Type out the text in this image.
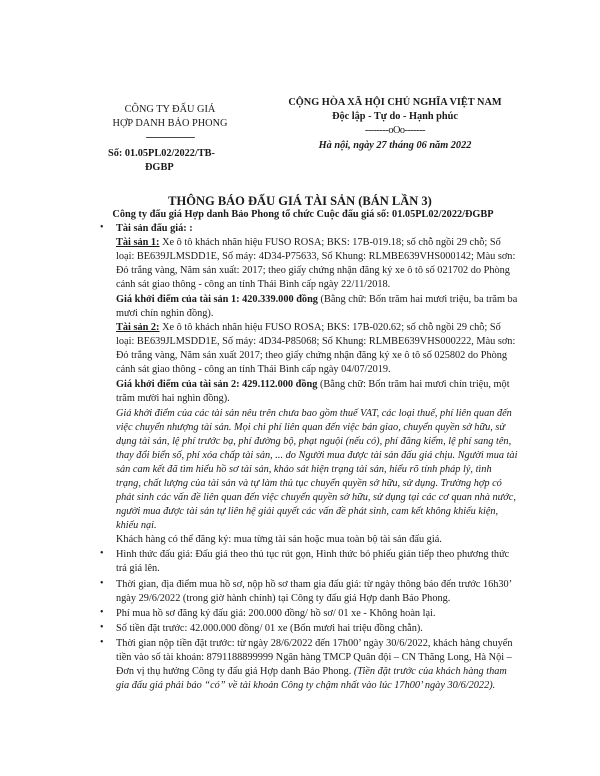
CÔNG TY ĐẤU GIÁ
HỢP DANH BẢO PHONG
--------------------
Số: 01.05PL02/2022/TB-
ĐGBP
CỘNG HÒA XÃ HỘI CHỦ NGHĨA VIỆT NAM
Độc lập - Tự do - Hạnh phúc
--------oOo-------
Hà nội, ngày 27 tháng 06 năm 2022
THÔNG BÁO ĐẤU GIÁ TÀI SẢN (BÁN LẦN 3)
Công ty đấu giá Hợp danh Bảo Phong tổ chức Cuộc đấu giá số: 01.05PL02/2022/ĐGBP
• Tài sản đấu giá: :
Tài sản 1: Xe ô tô khách nhãn hiệu FUSO ROSA; BKS: 17B-019.18; số chỗ ngồi 29 chỗ; Số
loại: BE639JLMSDD1E, Số máy: 4D34-P75633, Số Khung: RLMBE639VHS000142; Màu sơn:
Đỏ trắng vàng, Năm sản xuất: 2017; theo giấy chứng nhận đăng ký xe ô tô số 021702 do Phòng
cảnh sát giao thông - công an tỉnh Thái Bình cấp ngày 22/11/2018.
Giá khởi điểm của tài sản 1: 420.339.000 đồng (Bằng chữ: Bốn trăm hai mươi triệu, ba trăm ba
mươi chín nghìn đồng).
Tài sản 2: Xe ô tô khách nhãn hiệu FUSO ROSA; BKS: 17B-020.62; số chỗ ngồi 29 chỗ; Số
loại: BE639JLMSDD1E, Số máy: 4D34-P85068; Số Khung: RLMBE639VHS000222, Màu sơn:
Đỏ trắng vàng, Năm sản xuất 2017; theo giấy chứng nhận đăng ký xe ô tô số 025802 do Phòng
cảnh sát giao thông - công an tỉnh Thái Bình cấp ngày 04/07/2019.
Giá khởi điểm của tài sản 2: 429.112.000 đồng (Bằng chữ: Bốn trăm hai mươi chín triệu, một
trăm mười hai nghìn đồng).
Giá khởi điểm của các tài sản nêu trên chưa bao gồm thuế VAT, các loại thuế, phí liên quan đến
việc chuyển nhượng tài sản. Mọi chi phí liên quan đến việc bán giao, chuyển quyền sở hữu, sử
dụng tài sản, lệ phí trước bạ, phí đường bộ, phạt nguội (nếu có), phí đăng kiểm, lệ phí sang tên,
thay đổi biển số, phí xóa chấp tài sản, ... do Người mua được tài sản đấu giá chịu. Người mua tài
sản cam kết đã tìm hiểu hồ sơ tài sản, khảo sát hiện trạng tài sản, hiểu rõ tính pháp lý, tình
trạng, chất lượng của tài sản và tự làm thủ tục chuyển quyền sở hữu, sử dụng. Trường hợp có
phát sinh các vấn đề liên quan đến việc chuyển quyền sở hữu, sử dụng tại các cơ quan nhà nước,
người mua được tài sản tự liên hệ giải quyết các vấn đề phát sinh, cam kết không khiếu kiện,
khiếu nại.
Khách hàng có thể đăng ký: mua từng tài sản hoặc mua toàn bộ tài sản đấu giá.
• Hình thức đấu giá: Đấu giá theo thủ tục rút gọn, Hình thức bỏ phiếu gián tiếp theo phương thức
trả giá lên.
• Thời gian, địa điểm mua hồ sơ, nộp hồ sơ tham gia đấu giá: từ ngày thông báo đến trước 16h30’
ngày 29/6/2022 (trong giờ hành chính) tại Công ty đấu giá Hợp danh Bảo Phong.
• Phí mua hồ sơ đăng ký đấu giá: 200.000 đồng/ hồ sơ/ 01 xe - Không hoàn lại.
• Số tiền đặt trước: 42.000.000 đồng/ 01 xe (Bốn mươi hai triệu đồng chẵn).
• Thời gian nộp tiền đặt trước: từ ngày 28/6/2022 đến 17h00’ ngày 30/6/2022, khách hàng chuyển
tiền vào số tài khoản: 8791188899999 Ngân hàng TMCP Quân đội – CN Thăng Long, Hà Nội –
Đơn vị thụ hưởng Công ty đấu giá Hợp danh Bảo Phong. (Tiền đặt trước của khách hàng tham
gia đấu giá phải báo “có” về tài khoản Công ty chậm nhất vào lúc 17h00’ ngày 30/6/2022).
